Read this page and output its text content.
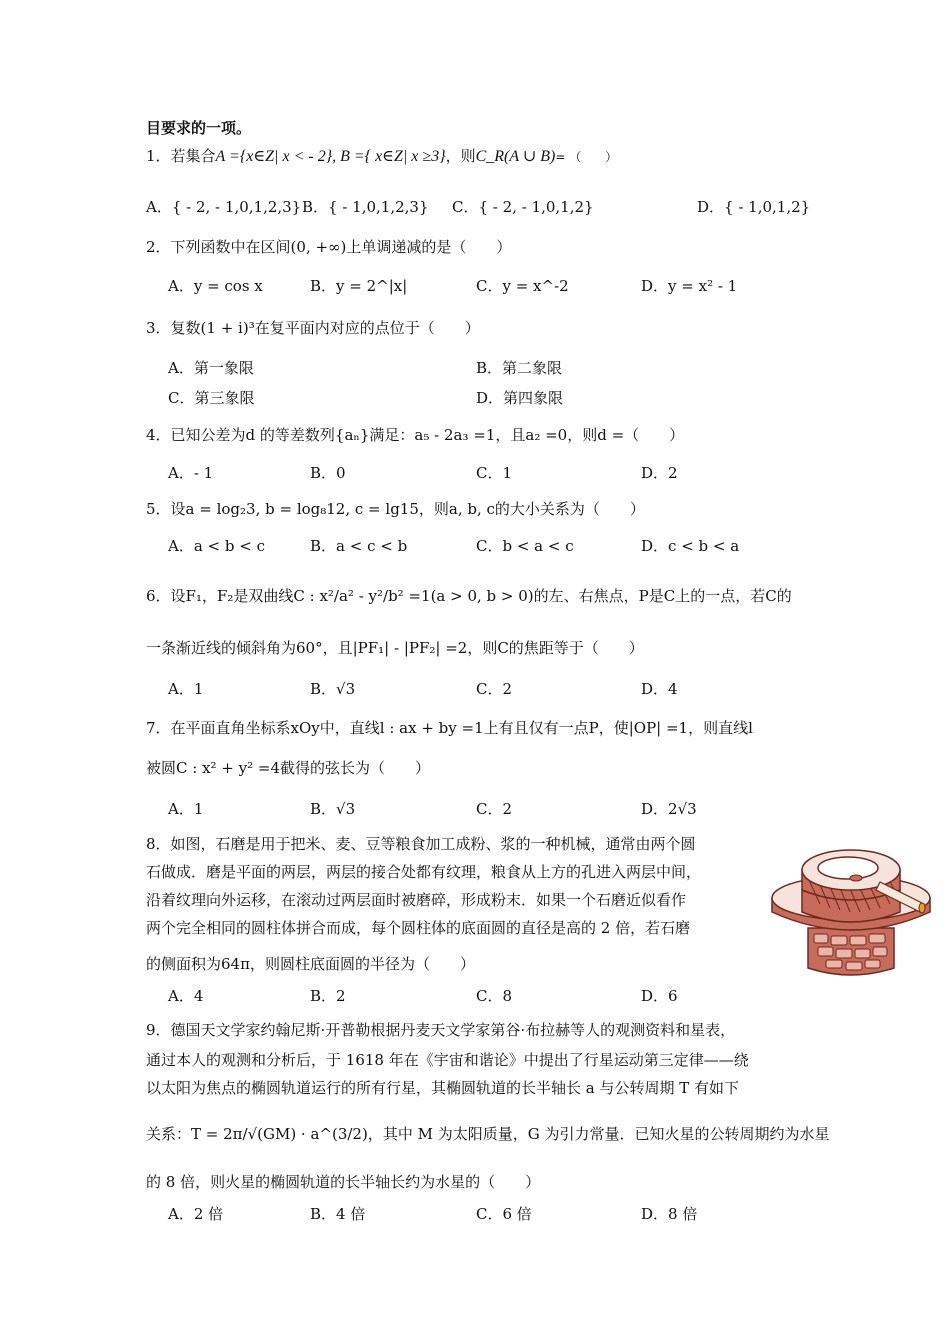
目要求的一项。
1．若集合A ={x∈Z| x < - 2}, B ={ x∈Z| x ≥3}，则C_R(A ∪ B)= （　　）
A．{ - 2, - 1,0,1,2,3} B．{ - 1,0,1,2,3} C．{ - 2, - 1,0,1,2}	D．{ - 1,0,1,2}
2．下列函数中在区间(0, +∞)上单调递减的是（　　）
A．y = cos x	B．y = 2^|x|	C．y = x^-2	D．y = x² - 1
3．复数(1 + i)³在复平面内对应的点位于（　　）
A．第一象限	B．第二象限
C．第三象限	D．第四象限
4．已知公差为d 的等差数列{aₙ}满足：a₅ - 2a₃ =1，且a₂ =0，则d =（　　）
A．- 1	B．0	C．1	D．2
5．设a = log₂3, b = log₈12, c = lg15，则a, b, c的大小关系为（　　）
A．a < b < c	B．a < c < b	C．b < a < c	D．c < b < a
6．设F₁，F₂是双曲线C : x²/a² - y²/b² =1(a > 0, b > 0)的左、右焦点，P是C上的一点，若C的
一条渐近线的倾斜角为60°，且|PF₁| - |PF₂| =2，则C的焦距等于（　　）
A．1	B．√3	C．2	D．4
7．在平面直角坐标系xOy中，直线l : ax + by =1上有且仅有一点P，使|OP| =1，则直线l
被圆C : x² + y² =4截得的弦长为（　　）
A．1	B．√3	C．2	D．2√3
8．如图，石磨是用于把米、麦、豆等粮食加工成粉、浆的一种机械，通常由两个圆
石做成．磨是平面的两层，两层的接合处都有纹理，粮食从上方的孔进入两层中间，
沿着纹理向外运移，在滚动过两层面时被磨碎，形成粉末．如果一个石磨近似看作
两个完全相同的圆柱体拼合而成，每个圆柱体的底面圆的直径是高的 2 倍，若石磨
的侧面积为64π，则圆柱底面圆的半径为（　　）
A．4	B．2	C．8	D．6
9．德国天文学家约翰尼斯·开普勒根据丹麦天文学家第谷·布拉赫等人的观测资料和星表，
通过本人的观测和分析后，于 1618 年在《宇宙和谐论》中提出了行星运动第三定律——绕
以太阳为焦点的椭圆轨道运行的所有行星，其椭圆轨道的长半轴长 a 与公转周期 T 有如下
关系：T = 2π/√(GM) · a^(3/2)，其中 M 为太阳质量，G 为引力常量．已知火星的公转周期约为水星
的 8 倍，则火星的椭圆轨道的长半轴长约为水星的（　　）
A．2 倍	B．4 倍	C．6 倍	D．8 倍
